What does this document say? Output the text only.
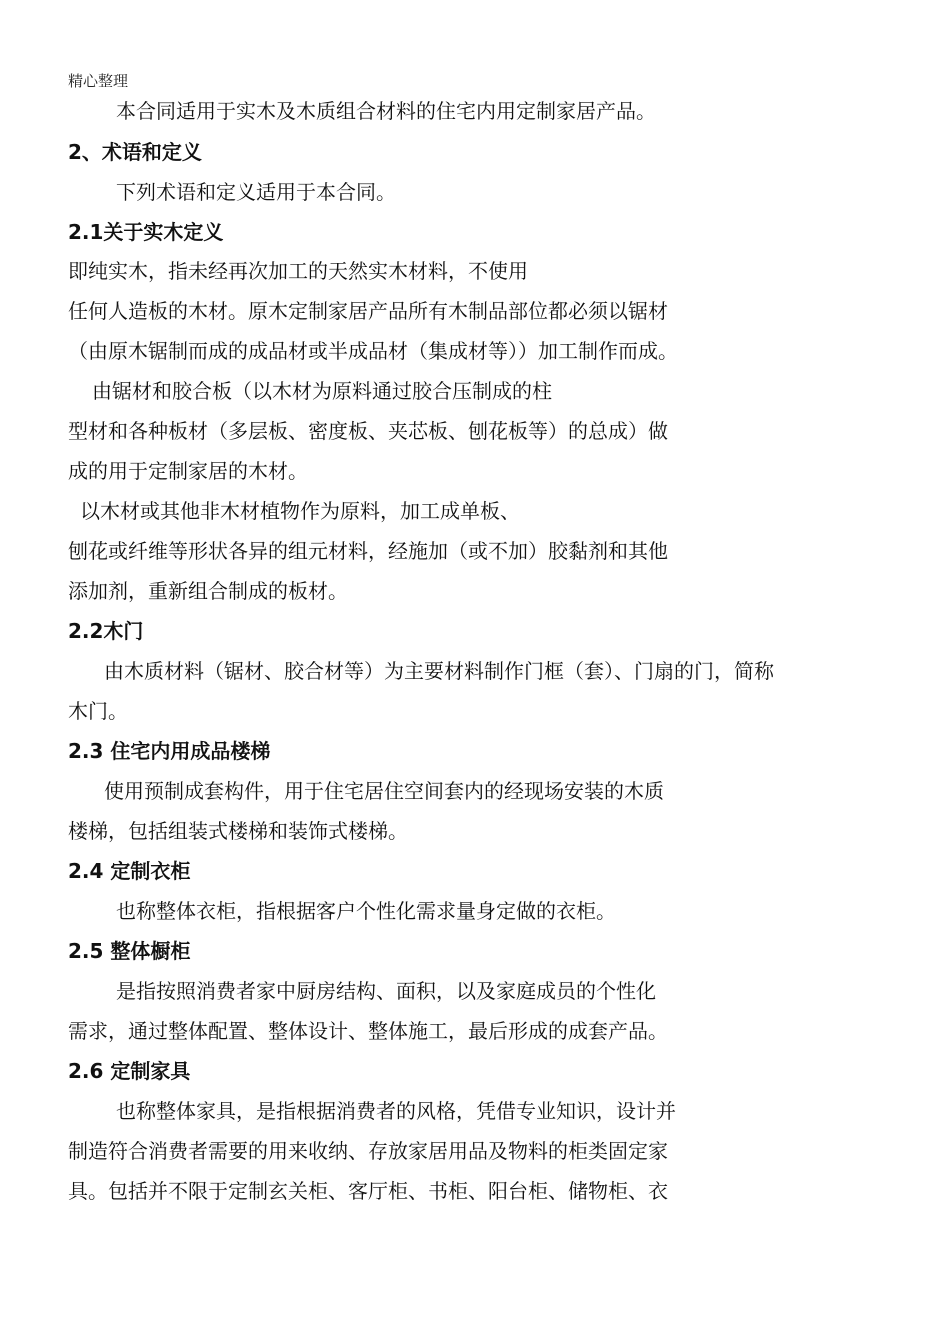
精心整理
本合同适用于实木及木质组合材料的住宅内用定制家居产品。
2、术语和定义
下列术语和定义适用于本合同。
2.1关于实木定义
即纯实木，指未经再次加工的天然实木材料，不使用
任何人造板的木材。原木定制家居产品所有木制品部位都必须以锯材
（由原木锯制而成的成品材或半成品材（集成材等））加工制作而成。
由锯材和胶合板（以木材为原料通过胶合压制成的柱
型材和各种板材（多层板、密度板、夹芯板、刨花板等）的总成）做
成的用于定制家居的木材。
以木材或其他非木材植物作为原料，加工成单板、
刨花或纤维等形状各异的组元材料，经施加（或不加）胶黏剂和其他
添加剂，重新组合制成的板材。
2.2木门
由木质材料（锯材、胶合材等）为主要材料制作门框（套）、门扇的门，简称
木门。
2.3 住宅内用成品楼梯
使用预制成套构件，用于住宅居住空间套内的经现场安装的木质
楼梯，包括组装式楼梯和装饰式楼梯。
2.4 定制衣柜
也称整体衣柜，指根据客户个性化需求量身定做的衣柜。
2.5 整体橱柜
是指按照消费者家中厨房结构、面积，以及家庭成员的个性化
需求，通过整体配置、整体设计、整体施工，最后形成的成套产品。
2.6 定制家具
也称整体家具，是指根据消费者的风格，凭借专业知识，设计并
制造符合消费者需要的用来收纳、存放家居用品及物料的柜类固定家
具。包括并不限于定制玄关柜、客厅柜、书柜、阳台柜、储物柜、衣
